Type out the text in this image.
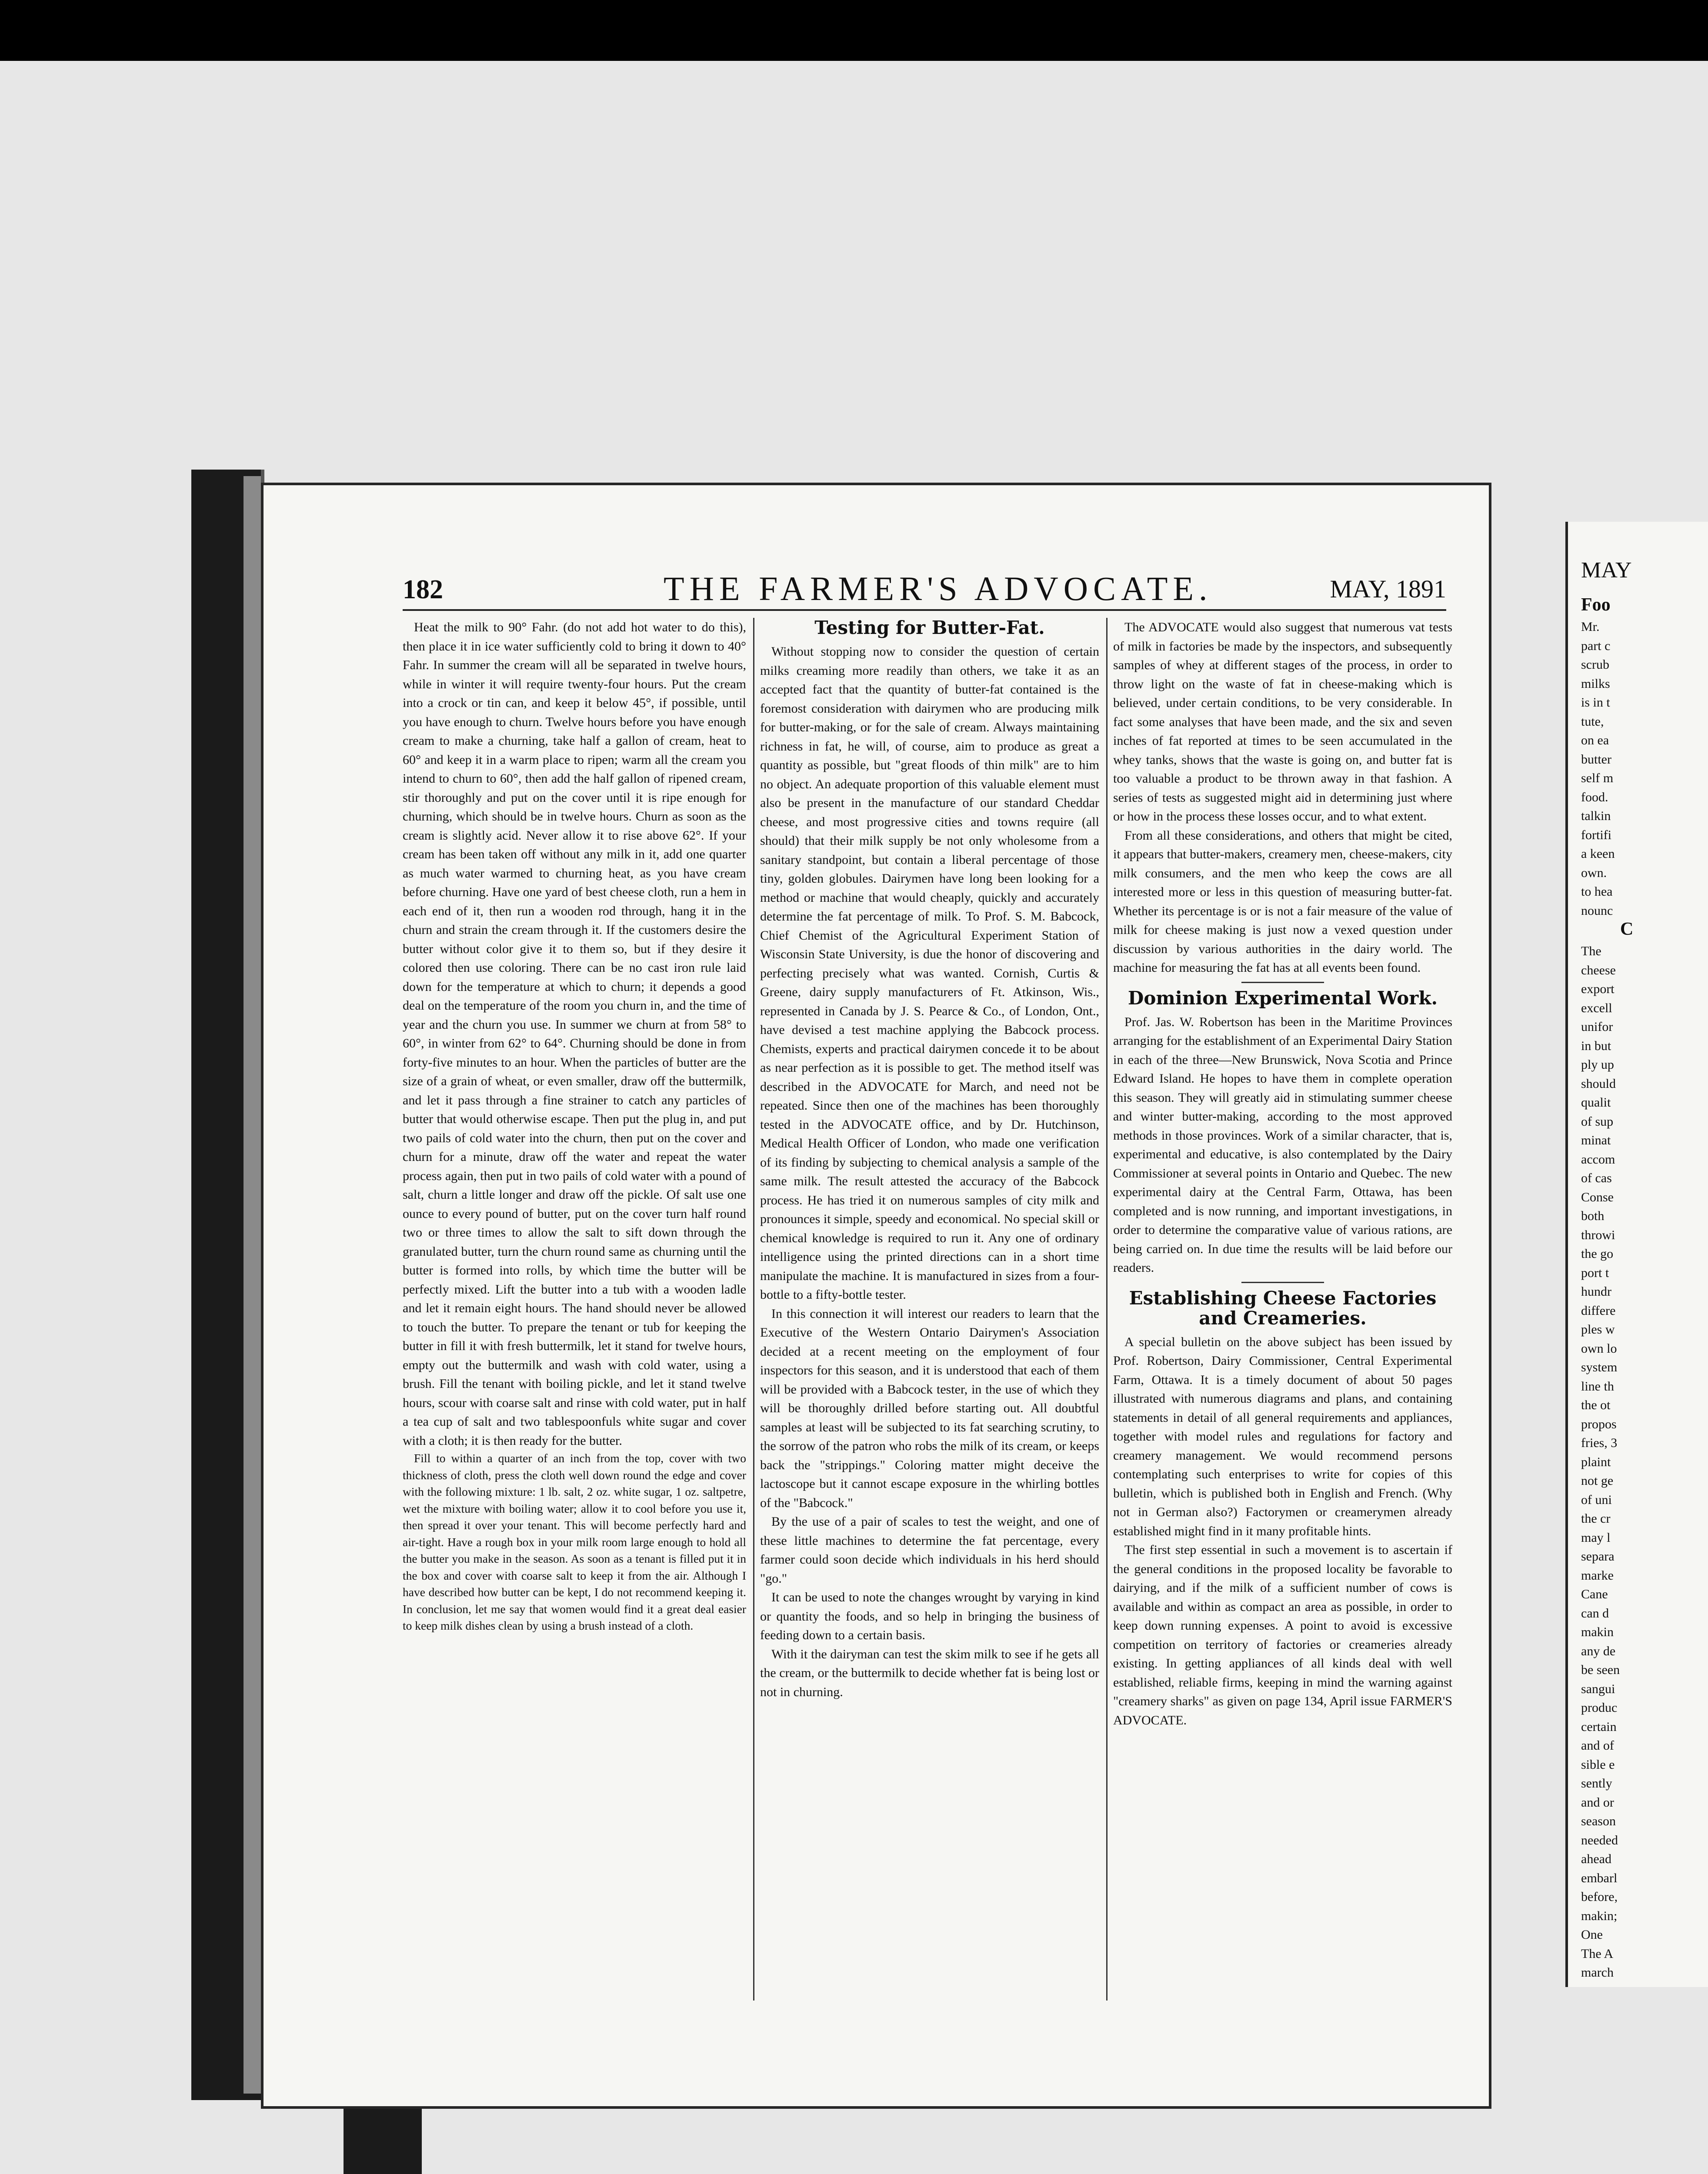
182	THE FARMER'S ADVOCATE.	MAY, 1891

Heat the milk to 90° Fahr. (do not add hot water to do this), then place it in ice water sufficiently cold to bring it down to 40° Fahr. In summer the cream will all be separated in twelve hours, while in winter it will require twenty-four hours. Put the cream into a crock or tin can, and keep it below 45°, if possible, until you have enough to churn. Twelve hours before you have enough cream to make a churning, take half a gallon of cream, heat to 60° and keep it in a warm place to ripen; warm all the cream you intend to churn to 60°, then add the half gallon of ripened cream, stir thoroughly and put on the cover until it is ripe enough for churning, which should be in twelve hours. Churn as soon as the cream is slightly acid. Never allow it to rise above 62°. If your cream has been taken off without any milk in it, add one quarter as much water warmed to churning heat, as you have cream before churning. Have one yard of best cheese cloth, run a hem in each end of it, then run a wooden rod through, hang it in the churn and strain the cream through it. If the customers desire the butter without color give it to them so, but if they desire it colored then use coloring. There can be no cast iron rule laid down for the temperature at which to churn; it depends a good deal on the temperature of the room you churn in, and the time of year and the churn you use. In summer we churn at from 58° to 60°, in winter from 62° to 64°. Churning should be done in from forty-five minutes to an hour. When the particles of butter are the size of a grain of wheat, or even smaller, draw off the buttermilk, and let it pass through a fine strainer to catch any particles of butter that would otherwise escape. Then put the plug in, and put two pails of cold water into the churn, then put on the cover and churn for a minute, draw off the water and repeat the water process again, then put in two pails of cold water with a pound of salt, churn a little longer and draw off the pickle. Of salt use one ounce to every pound of butter, put on the cover turn half round two or three times to allow the salt to sift down through the granulated butter, turn the churn round same as churning until the butter is formed into rolls, by which time the butter will be perfectly mixed. Lift the butter into a tub with a wooden ladle and let it remain eight hours. The hand should never be allowed to touch the butter. To prepare the tenant or tub for keeping the butter in fill it with fresh buttermilk, let it stand for twelve hours, empty out the buttermilk and wash with cold water, using a brush. Fill the tenant with boiling pickle, and let it stand twelve hours, scour with coarse salt and rinse with cold water, put in half a tea cup of salt and two tablespoonfuls white sugar and cover with a cloth; it is then ready for the butter.

Fill to within a quarter of an inch from the top, cover with two thickness of cloth, press the cloth well down round the edge and cover with the following mixture: 1 lb. salt, 2 oz. white sugar, 1 oz. saltpetre, wet the mixture with boiling water; allow it to cool before you use it, then spread it over your tenant. This will become perfectly hard and air-tight. Have a rough box in your milk room large enough to hold all the butter you make in the season. As soon as a tenant is filled put it in the box and cover with coarse salt to keep it from the air. Although I have described how butter can be kept, I do not recommend keeping it. In conclusion, let me say that women would find it a great deal easier to keep milk dishes clean by using a brush instead of a cloth.

Testing for Butter-Fat.

Without stopping now to consider the question of certain milks creaming more readily than others, we take it as an accepted fact that the quantity of butter-fat contained is the foremost consideration with dairymen who are producing milk for butter-making, or for the sale of cream. Always maintaining richness in fat, he will, of course, aim to produce as great a quantity as possible, but "great floods of thin milk" are to him no object. An adequate proportion of this valuable element must also be present in the manufacture of our standard Cheddar cheese, and most progressive cities and towns require (all should) that their milk supply be not only wholesome from a sanitary standpoint, but contain a liberal percentage of those tiny, golden globules. Dairymen have long been looking for a method or machine that would cheaply, quickly and accurately determine the fat percentage of milk. To Prof. S. M. Babcock, Chief Chemist of the Agricultural Experiment Station of Wisconsin State University, is due the honor of discovering and perfecting precisely what was wanted. Cornish, Curtis & Greene, dairy supply manufacturers of Ft. Atkinson, Wis., represented in Canada by J. S. Pearce & Co., of London, Ont., have devised a test machine applying the Babcock process. Chemists, experts and practical dairymen concede it to be about as near perfection as it is possible to get. The method itself was described in the ADVOCATE for March, and need not be repeated. Since then one of the machines has been thoroughly tested in the ADVOCATE office, and by Dr. Hutchinson, Medical Health Officer of London, who made one verification of its finding by subjecting to chemical analysis a sample of the same milk. The result attested the accuracy of the Babcock process. He has tried it on numerous samples of city milk and pronounces it simple, speedy and economical. No special skill or chemical knowledge is required to run it. Any one of ordinary intelligence using the printed directions can in a short time manipulate the machine. It is manufactured in sizes from a four-bottle to a fifty-bottle tester.

In this connection it will interest our readers to learn that the Executive of the Western Ontario Dairymen's Association decided at a recent meeting on the employment of four inspectors for this season, and it is understood that each of them will be provided with a Babcock tester, in the use of which they will be thoroughly drilled before starting out. All doubtful samples at least will be subjected to its fat searching scrutiny, to the sorrow of the patron who robs the milk of its cream, or keeps back the "strippings." Coloring matter might deceive the lactoscope but it cannot escape exposure in the whirling bottles of the "Babcock."

By the use of a pair of scales to test the weight, and one of these little machines to determine the fat percentage, every farmer could soon decide which individuals in his herd should "go."

It can be used to note the changes wrought by varying in kind or quantity the foods, and so help in bringing the business of feeding down to a certain basis.

With it the dairyman can test the skim milk to see if he gets all the cream, or the buttermilk to decide whether fat is being lost or not in churning.

The ADVOCATE would also suggest that numerous vat tests of milk in factories be made by the inspectors, and subsequently samples of whey at different stages of the process, in order to throw light on the waste of fat in cheese-making which is believed, under certain conditions, to be very considerable. In fact some analyses that have been made, and the six and seven inches of fat reported at times to be seen accumulated in the whey tanks, shows that the waste is going on, and butter fat is too valuable a product to be thrown away in that fashion. A series of tests as suggested might aid in determining just where or how in the process these losses occur, and to what extent.

From all these considerations, and others that might be cited, it appears that butter-makers, creamery men, cheese-makers, city milk consumers, and the men who keep the cows are all interested more or less in this question of measuring butter-fat. Whether its percentage is or is not a fair measure of the value of milk for cheese making is just now a vexed question under discussion by various authorities in the dairy world. The machine for measuring the fat has at all events been found.

Dominion Experimental Work.

Prof. Jas. W. Robertson has been in the Maritime Provinces arranging for the establishment of an Experimental Dairy Station in each of the three—New Brunswick, Nova Scotia and Prince Edward Island. He hopes to have them in complete operation this season. They will greatly aid in stimulating summer cheese and winter butter-making, according to the most approved methods in those provinces. Work of a similar character, that is, experimental and educative, is also contemplated by the Dairy Commissioner at several points in Ontario and Quebec. The new experimental dairy at the Central Farm, Ottawa, has been completed and is now running, and important investigations, in order to determine the comparative value of various rations, are being carried on. In due time the results will be laid before our readers.

Establishing Cheese Factories and Creameries.

A special bulletin on the above subject has been issued by Prof. Robertson, Dairy Commissioner, Central Experimental Farm, Ottawa. It is a timely document of about 50 pages illustrated with numerous diagrams and plans, and containing statements in detail of all general requirements and appliances, together with model rules and regulations for factory and creamery management. We would recommend persons contemplating such enterprises to write for copies of this bulletin, which is published both in English and French. (Why not in German also?) Factorymen or creamerymen already established might find in it many profitable hints.

The first step essential in such a movement is to ascertain if the general conditions in the proposed locality be favorable to dairying, and if the milk of a sufficient number of cows is available and within as compact an area as possible, in order to keep down running expenses. A point to avoid is excessive competition on territory of factories or creameries already existing. In getting appliances of all kinds deal with well established, reliable firms, keeping in mind the warning against "creamery sharks" as given on page 134, April issue FARMER'S ADVOCATE.

MAY
Foo
Mr.
part c
scrub
milks
is in t
tute,
on ea
butter
self m
food.
talkin
fortifi
a keen
own.
to hea
nounc
C
The
cheese
export
excell
unifor
in but
ply up
should
qualit
of sup
minat
accom
of cas
Conse
both
throwi
the go
port t
hundr
differe
ples w
own lo
system
line th
the ot
propos
fries, 3
plaint
not ge
of uni
the cr
may l
separa
marke
Cane
can d
makin
any de
be seen
sangui
produc
certain
and of
sible e
sently
and or
season
needed
ahead
embarl
before,
makin;
One
The A
march
